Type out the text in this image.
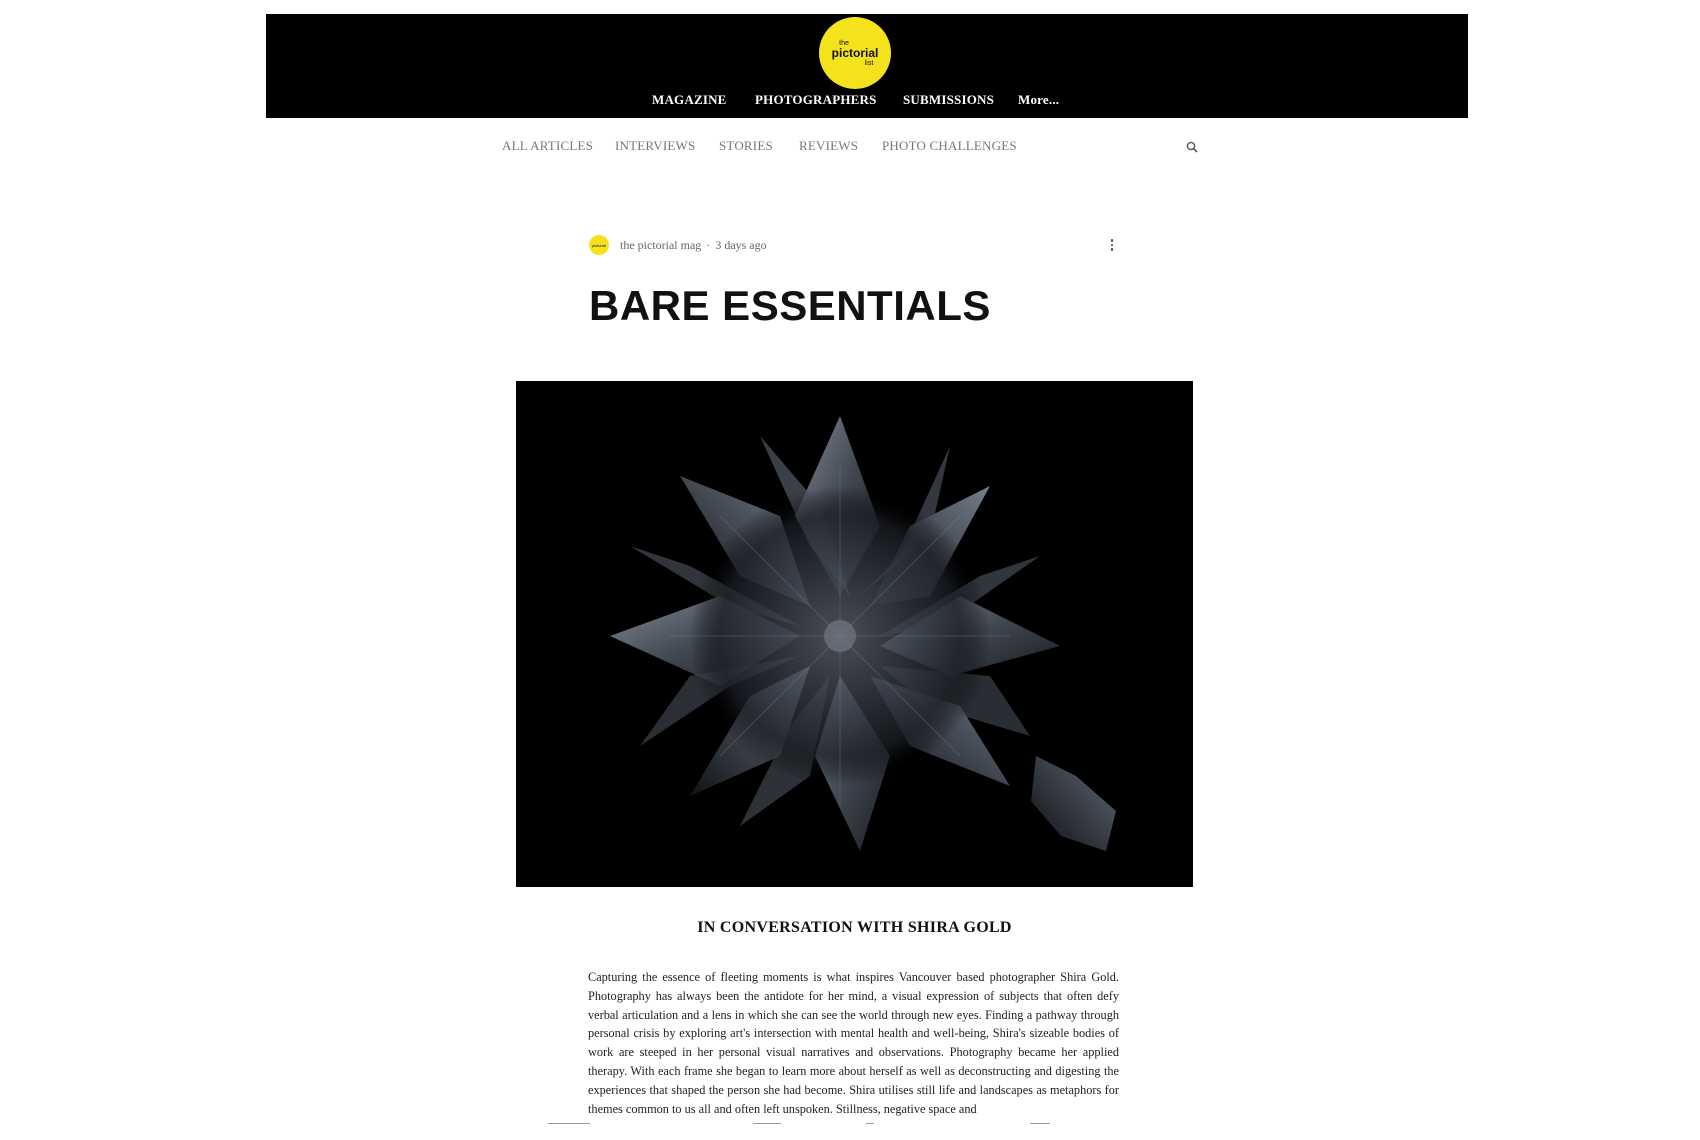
the
pictorial
list
MAGAZINE PHOTOGRAPHERS SUBMISSIONS More...
ALL ARTICLES INTERVIEWS STORIES REVIEWS PHOTO CHALLENGES
pictorial the pictorial mag · 3 days ago
BARE ESSENTIALS
IN CONVERSATION WITH SHIRA GOLD

Capturing the essence of fleeting moments is what inspires Vancouver based photographer Shira Gold. Photography has always been the antidote for her mind, a visual expression of subjects that often defy verbal articulation and a lens in which she can see the world through new eyes. Finding a pathway through personal crisis by exploring art's intersection with mental health and well-being, Shira's sizeable bodies of work are steeped in her personal visual narratives and observations. Photography became her applied therapy. With each frame she began to learn more about herself as well as deconstructing and digesting the experiences that shaped the person she had become. Shira utilises still life and landscapes as metaphors for themes common to us all and often left unspoken. Stillness, negative space and
